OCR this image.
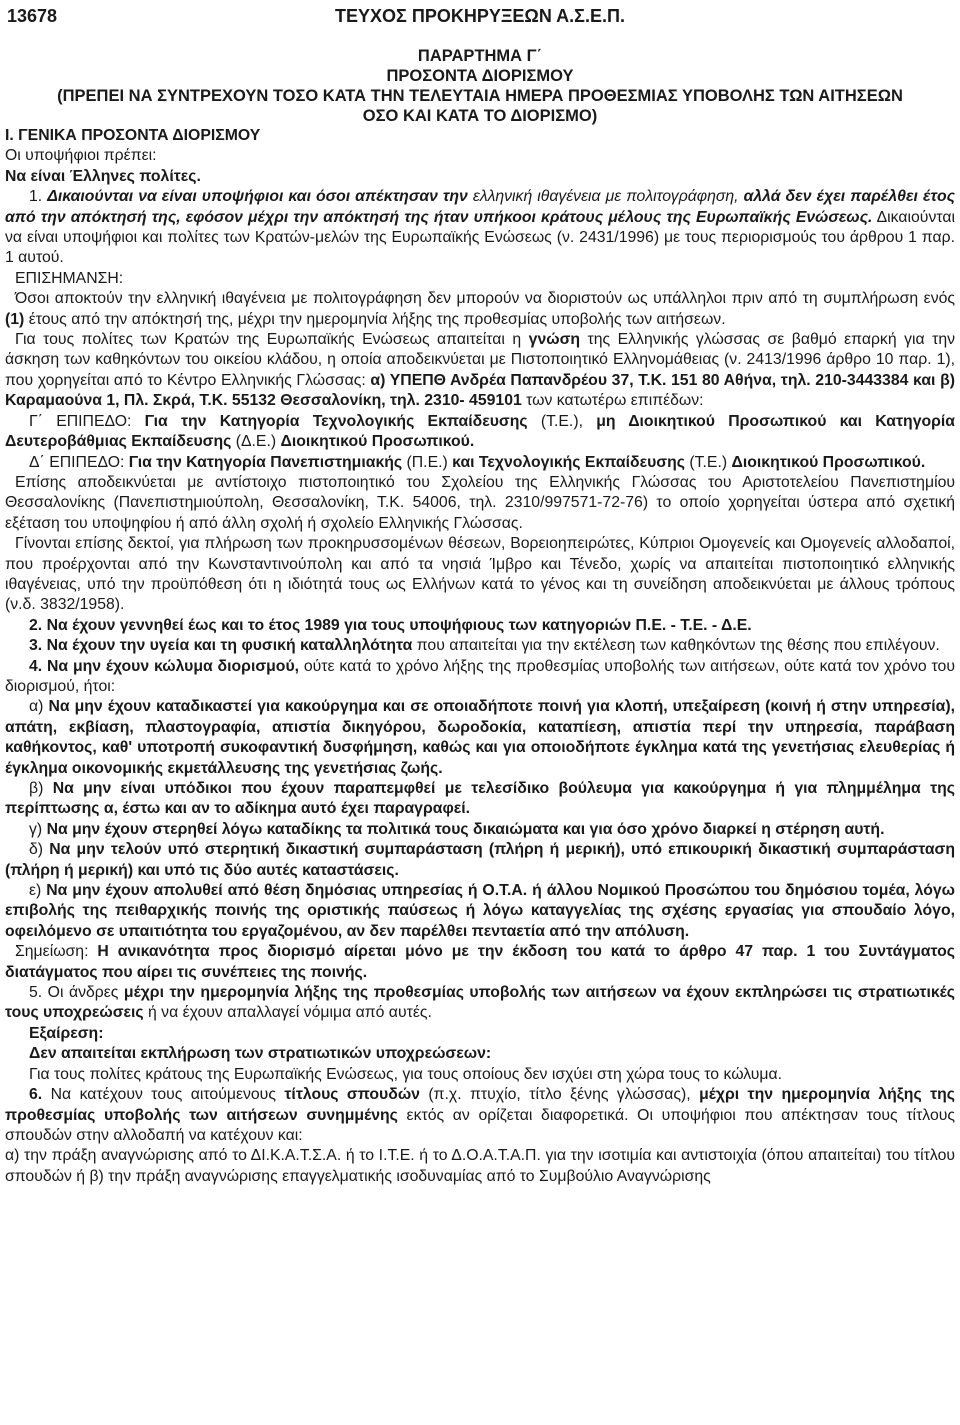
13678	ΤΕΥΧΟΣ ΠΡΟΚΗΡΥΞΕΩΝ Α.Σ.Ε.Π.
ΠΑΡΑΡΤΗΜΑ Γ΄
ΠΡΟΣΟΝΤΑ ΔΙΟΡΙΣΜΟΥ
(ΠΡΕΠΕΙ ΝΑ ΣΥΝΤΡΕΧΟΥΝ ΤΟΣΟ ΚΑΤΑ ΤΗΝ ΤΕΛΕΥΤΑΙΑ ΗΜΕΡΑ ΠΡΟΘΕΣΜΙΑΣ ΥΠΟΒΟΛΗΣ ΤΩΝ ΑΙΤΗΣΕΩΝ
ΟΣΟ ΚΑΙ ΚΑΤΑ ΤΟ ΔΙΟΡΙΣΜΟ)

Ι. ΓΕΝΙΚΑ ΠΡΟΣΟΝΤΑ ΔΙΟΡΙΣΜΟΥ

Οι υποψήφιοι πρέπει:

Να είναι Έλληνες πολίτες.

1. Δικαιούνται να είναι υποψήφιοι και όσοι απέκτησαν την ελληνική ιθαγένεια με πολιτογράφηση, αλλά δεν έχει παρέλθει έτος από την απόκτησή της, εφόσον μέχρι την απόκτησή της ήταν υπήκοοι κράτους μέλους της Ευρωπαϊκής Ενώσεως. Δικαιούνται να είναι υποψήφιοι και πολίτες των Κρατών-μελών της Ευρωπαϊκής Ενώσεως (ν. 2431/1996) με τους περιορισμούς του άρθρου 1 παρ. 1 αυτού.

ΕΠΙΣΗΜΑΝΣΗ:

Όσοι αποκτούν την ελληνική ιθαγένεια με πολιτογράφηση δεν μπορούν να διοριστούν ως υπάλληλοι πριν από τη συμπλήρωση ενός (1) έτους από την απόκτησή της, μέχρι την ημερομηνία λήξης της προθεσμίας υποβολής των αιτήσεων.

Για τους πολίτες των Κρατών της Ευρωπαϊκής Ενώσεως απαιτείται η γνώση της Ελληνικής γλώσσας σε βαθμό επαρκή για την άσκηση των καθηκόντων του οικείου κλάδου, η οποία αποδεικνύεται με Πιστοποιητικό Ελληνομάθειας (ν. 2413/1996 άρθρο 10 παρ. 1), που χορηγείται από το Κέντρο Ελληνικής Γλώσσας: α) ΥΠΕΠΘ Ανδρέα Παπανδρέου 37, Τ.Κ. 151 80 Αθήνα, τηλ. 210-3443384 και β) Καραμαούνα 1, Πλ. Σκρά, Τ.Κ. 55132 Θεσσαλονίκη, τηλ. 2310- 459101 των κατωτέρω επιπέδων:

Γ΄ ΕΠΙΠΕΔΟ: Για την Κατηγορία Τεχνολογικής Εκπαίδευσης (Τ.Ε.), μη Διοικητικού Προσωπικού και Κατηγορία Δευτεροβάθμιας Εκπαίδευσης (Δ.Ε.) Διοικητικού Προσωπικού.

Δ΄ ΕΠΙΠΕΔΟ: Για την Κατηγορία Πανεπιστημιακής (Π.Ε.) και Τεχνολογικής Εκπαίδευσης (Τ.Ε.) Διοικητικού Προσωπικού.

Επίσης αποδεικνύεται με αντίστοιχο πιστοποιητικό του Σχολείου της Ελληνικής Γλώσσας του Αριστοτελείου Πανεπιστημίου Θεσσαλονίκης (Πανεπιστημιούπολη, Θεσσαλονίκη, Τ.Κ. 54006, τηλ. 2310/997571-72-76) το οποίο χορηγείται ύστερα από σχετική εξέταση του υποψηφίου ή από άλλη σχολή ή σχολείο Ελληνικής Γλώσσας.

Γίνονται επίσης δεκτοί, για πλήρωση των προκηρυσσομένων θέσεων, Βορειοηπειρώτες, Κύπριοι Ομογενείς και Ομογενείς αλλοδαποί, που προέρχονται από την Κωνσταντινούπολη και από τα νησιά Ίμβρο και Τένεδο, χωρίς να απαιτείται πιστοποιητικό ελληνικής ιθαγένειας, υπό την προϋπόθεση ότι η ιδιότητά τους ως Ελλήνων κατά το γένος και τη συνείδηση αποδεικνύεται με άλλους τρόπους (ν.δ. 3832/1958).

2. Να έχουν γεννηθεί έως και το έτος 1989 για τους υποψήφιους των κατηγοριών Π.Ε. - Τ.Ε. - Δ.Ε.

3. Να έχουν την υγεία και τη φυσική καταλληλότητα που απαιτείται για την εκτέλεση των καθηκόντων της θέσης που επιλέγουν.

4. Να μην έχουν κώλυμα διορισμού, ούτε κατά το χρόνο λήξης της προθεσμίας υποβολής των αιτήσεων, ούτε κατά τον χρόνο του διορισμού, ήτοι:

α) Να μην έχουν καταδικαστεί για κακούργημα και σε οποιαδήποτε ποινή για κλοπή, υπεξαίρεση (κοινή ή στην υπηρεσία), απάτη, εκβίαση, πλαστογραφία, απιστία δικηγόρου, δωροδοκία, καταπίεση, απιστία περί την υπηρεσία, παράβαση καθήκοντος, καθ' υποτροπή συκοφαντική δυσφήμηση, καθώς και για οποιοδήποτε έγκλημα κατά της γενετήσιας ελευθερίας ή έγκλημα οικονομικής εκμετάλλευσης της γενετήσιας ζωής.

β) Να μην είναι υπόδικοι που έχουν παραπεμφθεί με τελεσίδικο βούλευμα για κακούργημα ή για πλημμέλημα της περίπτωσης α, έστω και αν το αδίκημα αυτό έχει παραγραφεί.

γ) Να μην έχουν στερηθεί λόγω καταδίκης τα πολιτικά τους δικαιώματα και για όσο χρόνο διαρκεί η στέρηση αυτή.

δ) Να μην τελούν υπό στερητική δικαστική συμπαράσταση (πλήρη ή μερική), υπό επικουρική δικαστική συμπαράσταση (πλήρη ή μερική) και υπό τις δύο αυτές καταστάσεις.

ε) Να μην έχουν απολυθεί από θέση δημόσιας υπηρεσίας ή Ο.Τ.Α. ή άλλου Νομικού Προσώπου του δημόσιου τομέα, λόγω επιβολής της πειθαρχικής ποινής της οριστικής παύσεως ή λόγω καταγγελίας της σχέσης εργασίας για σπουδαίο λόγο, οφειλόμενο σε υπαιτιότητα του εργαζομένου, αν δεν παρέλθει πενταετία από την απόλυση.

Σημείωση: Η ανικανότητα προς διορισμό αίρεται μόνο με την έκδοση του κατά το άρθρο 47 παρ. 1 του Συντάγματος διατάγματος που αίρει τις συνέπειες της ποινής.

5. Οι άνδρες μέχρι την ημερομηνία λήξης της προθεσμίας υποβολής των αιτήσεων να έχουν εκπληρώσει τις στρατιωτικές τους υποχρεώσεις ή να έχουν απαλλαγεί νόμιμα από αυτές.

Εξαίρεση:

Δεν απαιτείται εκπλήρωση των στρατιωτικών υποχρεώσεων:

Για τους πολίτες κράτους της Ευρωπαϊκής Ενώσεως, για τους οποίους δεν ισχύει στη χώρα τους το κώλυμα.

6. Να κατέχουν τους αιτούμενους τίτλους σπουδών (π.χ. πτυχίο, τίτλο ξένης γλώσσας), μέχρι την ημερομηνία λήξης της προθεσμίας υποβολής των αιτήσεων συνημμένης εκτός αν ορίζεται διαφορετικά. Οι υποψήφιοι που απέκτησαν τους τίτλους σπουδών στην αλλοδαπή να κατέχουν και:

α) την πράξη αναγνώρισης από το ΔΙ.Κ.Α.Τ.Σ.Α. ή το Ι.Τ.Ε. ή το Δ.Ο.Α.Τ.Α.Π. για την ισοτιμία και αντιστοιχία (όπου απαιτείται) του τίτλου σπουδών ή β) την πράξη αναγνώρισης επαγγελματικής ισοδυναμίας από το Συμβούλιο Αναγνώρισης
